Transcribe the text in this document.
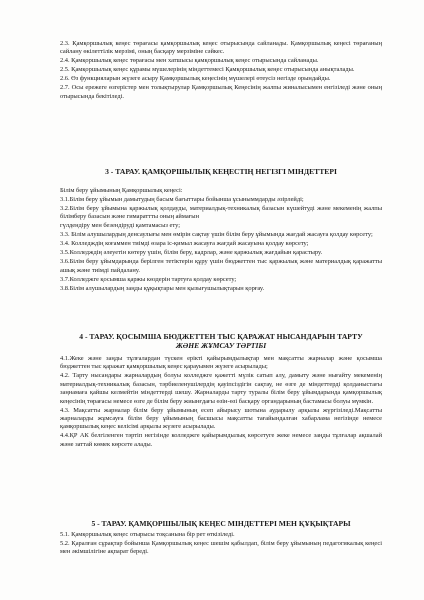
2.3. Қамқоршылық кеңес төрағасы қамқоршылық кеңес отырысында сайланады. Қамқоршылық кеңесі төрағаның сайлану өкілеттілік мерзімі, оның басқару мерзіміне сәйкес.

2.4. Қамқоршылық кеңес төрағасы мен хатшысы қамқоршылық кеңес отырысында сайланады.

2.5. Қамқоршылық кеңес құрамы мүшелерінің міндеттемесі Қамқоршылық кеңес отырысында анықталады.

2.6. Өз функцияларын жүзеге асыру Қамқоршылық кеңесінің мүшелері өтеусіз негізде орындайды.

2.7. Осы ережеге өзгерістер мен толықтырулар Қамқоршылық Кеңесінің жалпы жиналысымен енгізіледі және оның отырысында бекітіледі.

3 - ТАРАУ. ҚАМҚОРШЫЛЫҚ КЕҢЕСТІҢ НЕГІЗГІ МІНДЕТТЕРІ

Білім беру ұйымының Қамқоршылық кеңесі:

3.1.Білім беру ұйымын дамытудың басым бағыттары бойынша ұсыныммдарды әзірлейді;

3.2.Білім беру ұйымына қаржылық қолдауды, материалдық-техникалық базасын күшейтуді және мекеменің жалпы білімберу базасын және гимараттты оның аймағын

гүлдендіру мен безендіруді қамтамасыз ету;

3.3. Білім алушылардың денсаулығы мен өмірін сақтау үшін білім беру ұйымында жағдай жасауға қолдау көрсету;

3.4. Колледждің коғаммен тиімді өзара іс-қимыл жасауға жағдай жасауына қолдау көрсету;

3.5.Колледждің әлеуетін көтеру үшін, білім беру, кадрлар, және қаржылық жағдайын қарастыру.

3.6.Білім беру ұйымдарында берілген тетіктерін құру үшін бюджеттен тыс қаржылық және материалдық қаражатты ашық және тиімді пайдалану.

3.7.Колледжге қосымша қаржы көздерін тартуға қолдау көрсету;

3.8.Білім алушылардың заңды құқықтары мен қызығушылықтарын қорғау.

4 - ТАРАУ. ҚОСЫМША БЮДЖЕТТЕН ТЫС ҚАРАЖАТ НЫСАНДАРЫН ТАРТУ

ЖӘНЕ ЖҰМСАУ ТӘРТІБІ

4.1.Жеке және заңды тұлғалардан түскен ерікті қайырымдылықтар мен мақсатты жарналар және қосымша бюджеттен тыс қаражат қамқоршылық кеңес қарауымен жүзеге асырылады;

4.2. Тарту нысандары жарналардың болуы колледжге қажетті мүлік сатып алу, дамыту және нығайту мекеменің материалдық-техникалық базасын, тәрбиеленушілердің қауіпсіздігін сақтау, не өзге де міндеттерді қолданыстағы заңнамаға қайшы келмейтін міндеттерді шешу. Жарналарды тарту туралы білім беру ұйымдарында қамқоршылық кеңесінің төрағасы немесе өзге де білім беру жиынғдағы өзін-өзі басқару органдарының бастамасы болуы мүмкін.

4.3. Мақсатты жарналар білім беру ұйымының есеп айырысу шотына аударылу арқылы жүргізіледі.Мақсатты жарналарды жұмсауға білім беру ұйымының басшысы мақсатты тағайындалған хабарлама негізінде немесе қамқоршылық кеңес келісімі арқылы жүзеге асырылады.

4.4.ҚР АК белгіленген тәртіп негізінде колледжге қайырымдылық көрсетуге жеке немесе заңды тұлғалар ақшалай және заттай көмек көрсете алады.

5 - ТАРАУ. ҚАМҚОРШЫЛЫҚ КЕҢЕС МІНДЕТТЕРІ МЕН ҚҰҚЫҚТАРЫ

5.1. Қамқоршылық кеңес отырысы тоқсанына бір рет өткізіледі.

5.2. Қаралған сұрақтар бойынша Қамқоршылық кеңес шешім қабылдап, білім беру ұйымының педагогикалық кеңесі мен әкімшілігіне ақпарат береді.
